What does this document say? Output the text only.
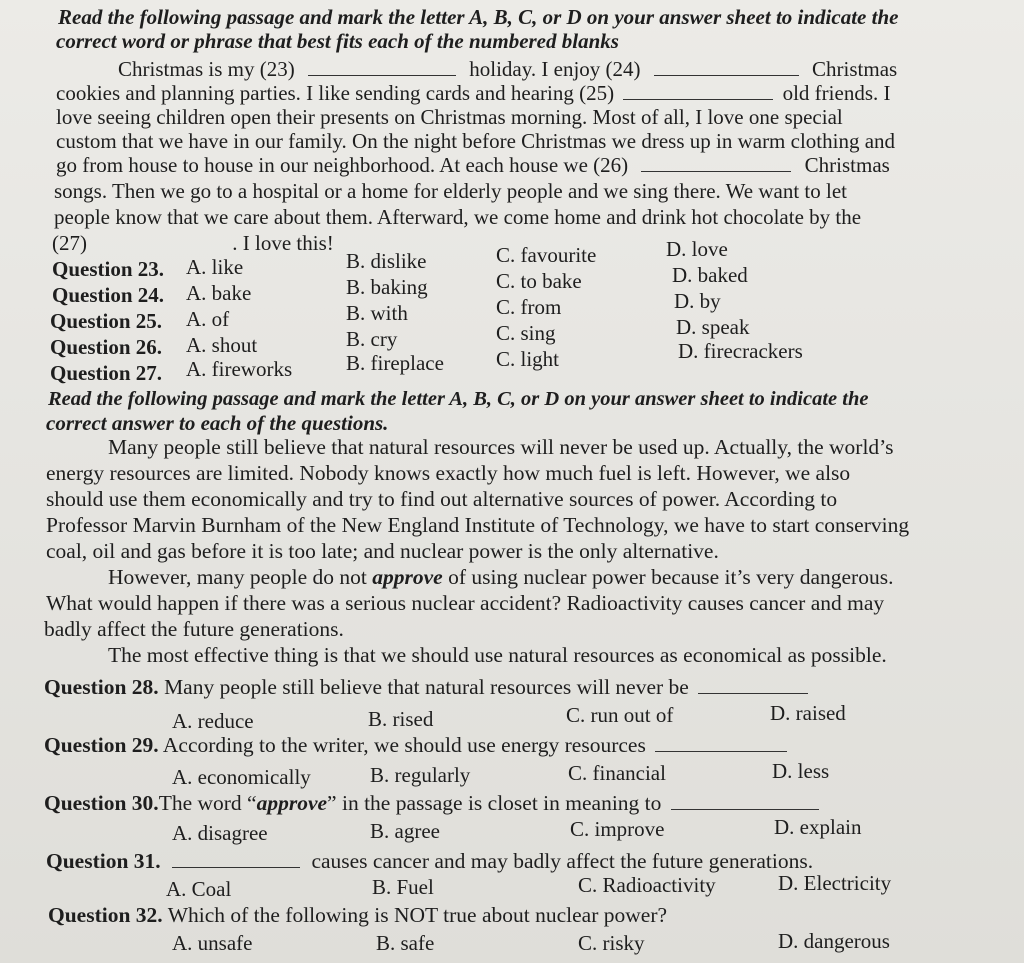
Read the following passage and mark the letter A, B, C, or D on your answer sheet to indicate the
correct word or phrase that best fits each of the numbered blanks
Christmas is my (23)	holiday. I enjoy (24)	Christmas
cookies and planning parties. I like sending cards and hearing (25)	old friends. I
love seeing children open their presents on Christmas morning. Most of all, I love one special
custom that we have in our family. On the night before Christmas we dress up in warm clothing and
go from house to house in our neighborhood. At each house we (26)	Christmas
songs. Then we go to a hospital or a home for elderly people and we sing there. We want to let
people know that we care about them. Afterward, we come home and drink hot chocolate by the
(27)	. I love this!
Question 23. A. like	B. dislike	C. favourite	D. love
Question 24. A. bake	B. baking	C. to bake	D. baked
Question 25. A. of	B. with	C. from	D. by
Question 26. A. shout	B. cry	C. sing	D. speak
Question 27. A. fireworks	B. fireplace C. light	D. firecrackers
Read the following passage and mark the letter A, B, C, or D on your answer sheet to indicate the
correct answer to each of the questions.
Many people still believe that natural resources will never be used up. Actually, the world’s
energy resources are limited. Nobody knows exactly how much fuel is left. However, we also
should use them economically and try to find out alternative sources of power. According to
Professor Marvin Burnham of the New England Institute of Technology, we have to start conserving
coal, oil and gas before it is too late; and nuclear power is the only alternative.
However, many people do not approve of using nuclear power because it’s very dangerous.
What would happen if there was a serious nuclear accident? Radioactivity causes cancer and may
badly affect the future generations.
The most effective thing is that we should use natural resources as economical as possible.
Question 28. Many people still believe that natural resources will never be
A. reduce	B. rised	C. run out of	D. raised
Question 29. According to the writer, we should use energy resources
A. economically	B. regularly	C. financial	D. less
Question 30.The word “approve” in the passage is closet in meaning to
A. disagree	B. agree	C. improve	D. explain
Question 31.	causes cancer and may badly affect the future generations.
A. Coal	B. Fuel	C. Radioactivity	D. Electricity
Question 32. Which of the following is NOT true about nuclear power?
A. unsafe	B. safe	C. risky	D. dangerous
